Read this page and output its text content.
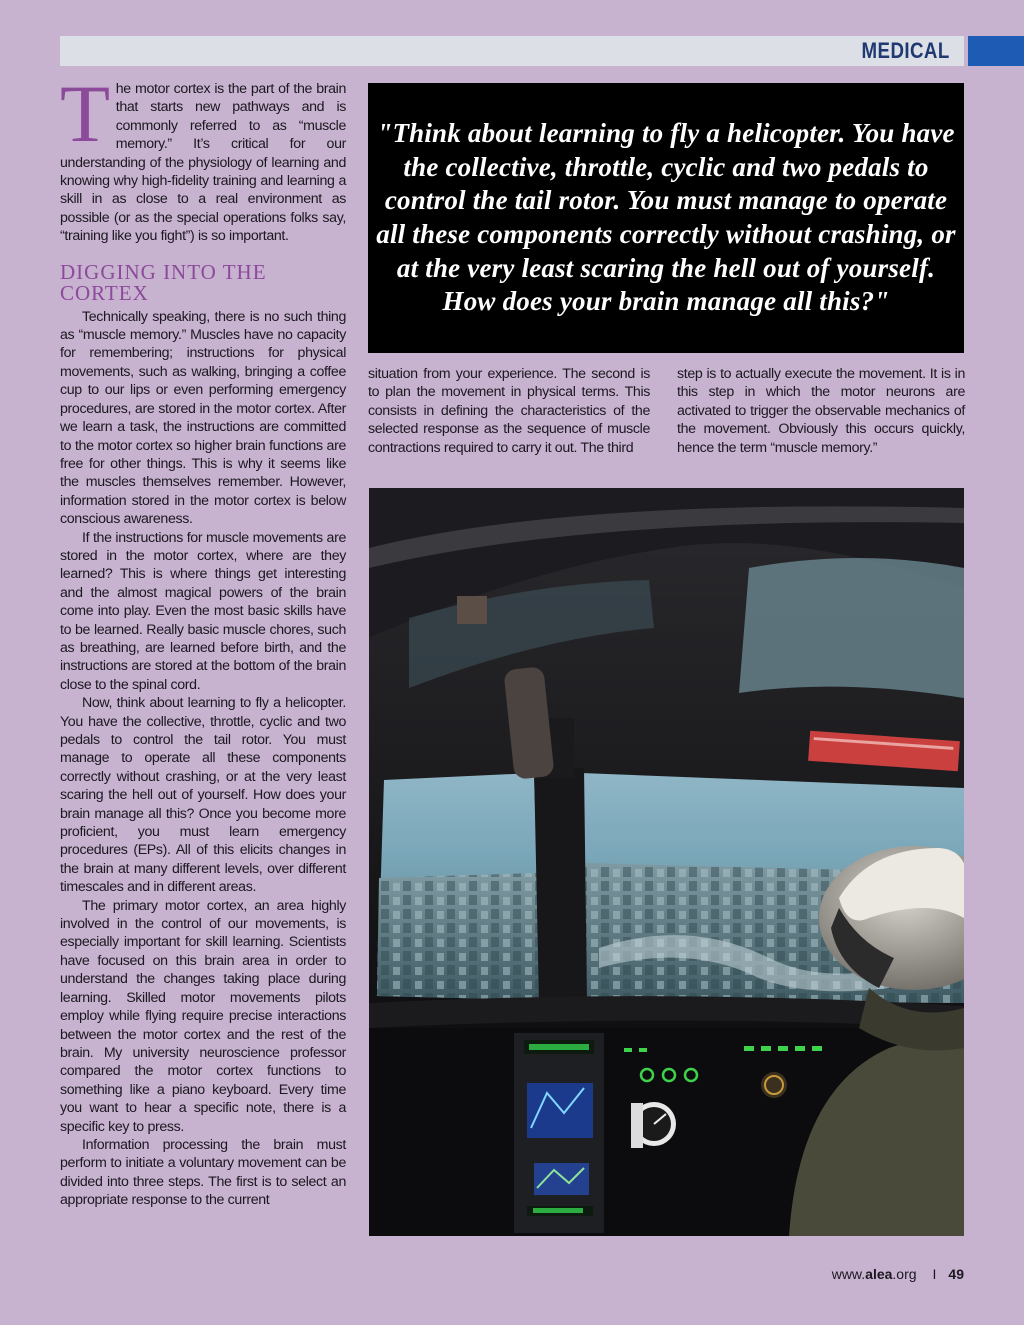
MEDICAL

The motor cortex is the part of the brain that starts new pathways and is commonly referred to as “muscle memory.” It’s critical for our understanding of the physiology of learning and knowing why high-fidelity training and learning a skill in as close to a real environment as possible (or as the special operations folks say, “training like you fight”) is so important.

DIGGING INTO THE CORTEX

Technically speaking, there is no such thing as “muscle memory.” Muscles have no capacity for remembering; instructions for physical movements, such as walking, bringing a coffee cup to our lips or even performing emergency procedures, are stored in the motor cortex. After we learn a task, the instructions are committed to the motor cortex so higher brain functions are free for other things. This is why it seems like the muscles themselves remember. However, information stored in the motor cortex is below conscious awareness.

If the instructions for muscle movements are stored in the motor cortex, where are they learned? This is where things get interesting and the almost magical powers of the brain come into play. Even the most basic skills have to be learned. Really basic muscle chores, such as breathing, are learned before birth, and the instructions are stored at the bottom of the brain close to the spinal cord.

Now, think about learning to fly a helicopter. You have the collective, throttle, cyclic and two pedals to control the tail rotor. You must manage to operate all these components correctly without crashing, or at the very least scaring the hell out of yourself. How does your brain manage all this? Once you become more proficient, you must learn emergency procedures (EPs). All of this elicits changes in the brain at many different levels, over different timescales and in different areas.

The primary motor cortex, an area highly involved in the control of our movements, is especially important for skill learning. Scientists have focused on this brain area in order to understand the changes taking place during learning. Skilled motor movements pilots employ while flying require precise interactions between the motor cortex and the rest of the brain. My university neuroscience professor compared the motor cortex functions to something like a piano keyboard. Every time you want to hear a specific note, there is a specific key to press.

Information processing the brain must perform to initiate a voluntary movement can be divided into three steps. The first is to select an appropriate response to the current

"Think about learning to fly a helicopter. You have the collective, throttle, cyclic and two pedals to control the tail rotor. You must manage to operate all these components correctly without crashing, or at the very least scaring the hell out of yourself. How does your brain manage all this?"

situation from your experience. The second is to plan the movement in physical terms. This consists in defining the characteristics of the selected response as the sequence of muscle contractions required to carry it out. The third

step is to actually execute the movement. It is in this step in which the motor neurons are activated to trigger the observable mechanics of the movement. Obviously this occurs quickly, hence the term “muscle memory.”

www.alea.org I 49
